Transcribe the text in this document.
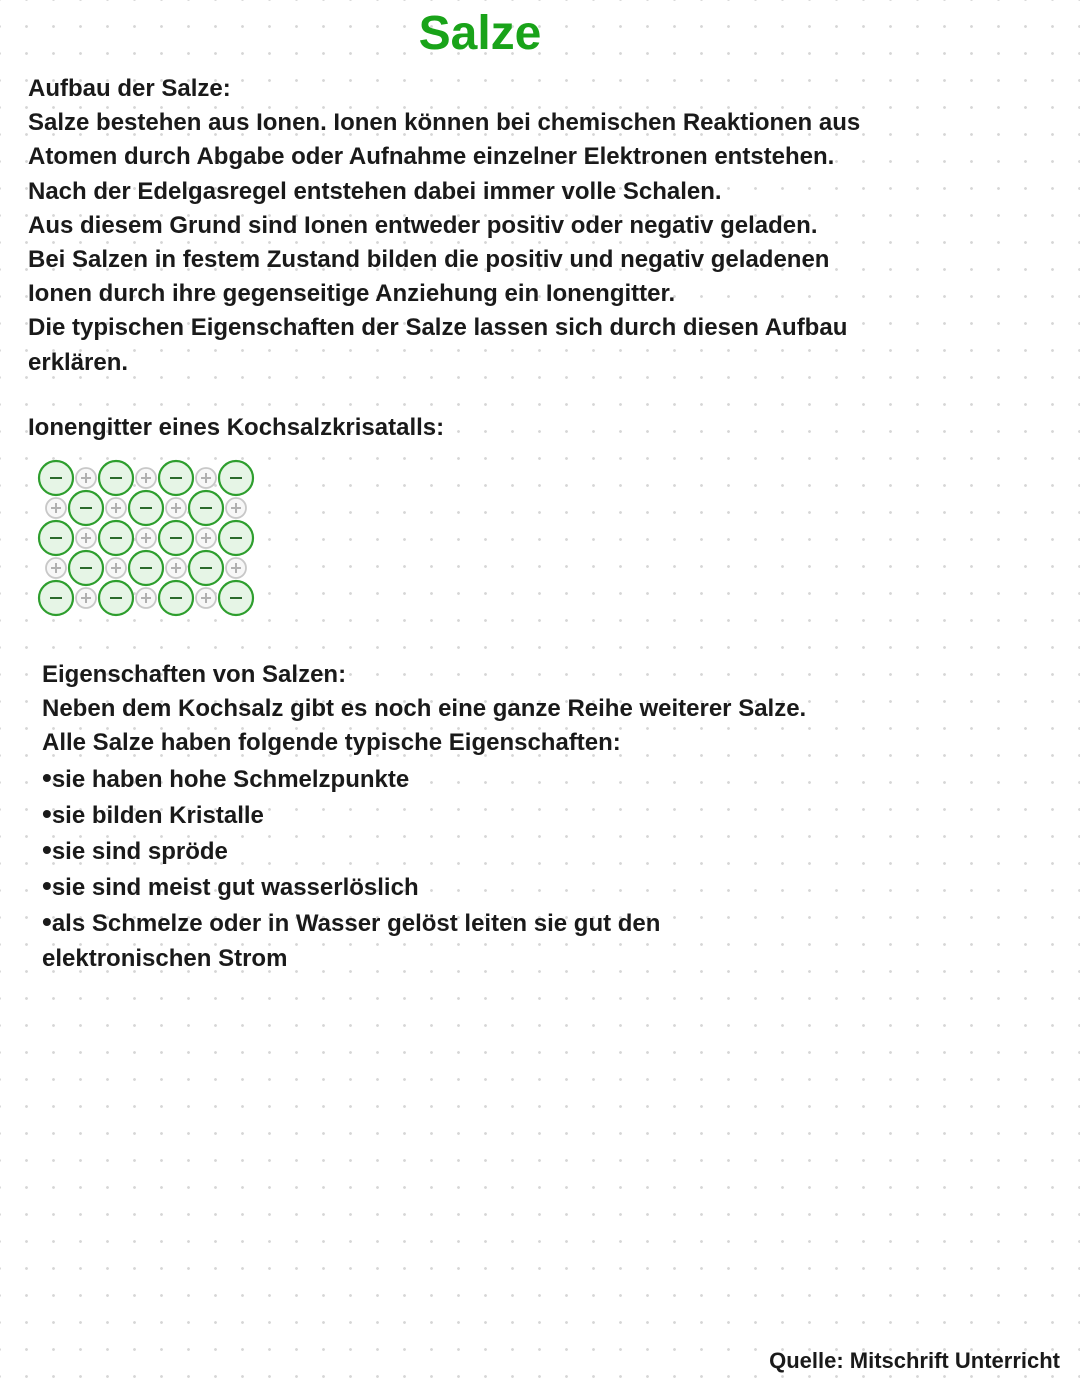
Salze
Aufbau der Salze:
Salze bestehen aus Ionen. Ionen können bei chemischen Reaktionen aus
Atomen durch Abgabe oder Aufnahme einzelner Elektronen entstehen.
Nach der Edelgasregel entstehen dabei immer volle Schalen.
Aus diesem Grund sind Ionen entweder positiv oder negativ geladen.
Bei Salzen in festem Zustand bilden die positiv und negativ geladenen
Ionen durch ihre gegenseitige Anziehung ein Ionengitter.
Die typischen Eigenschaften der Salze lassen sich durch diesen Aufbau
erklären.
Ionengitter eines Kochsalzkrisatalls:
Eigenschaften von Salzen:
Neben dem Kochsalz gibt es noch eine ganze Reihe weiterer Salze.
Alle Salze haben folgende typische Eigenschaften:
• sie haben hohe Schmelzpunkte
• sie bilden Kristalle
• sie sind spröde
• sie sind meist gut wasserlöslich
• als Schmelze oder in Wasser gelöst leiten sie gut den
elektronischen Strom
Quelle: Mitschrift Unterricht
